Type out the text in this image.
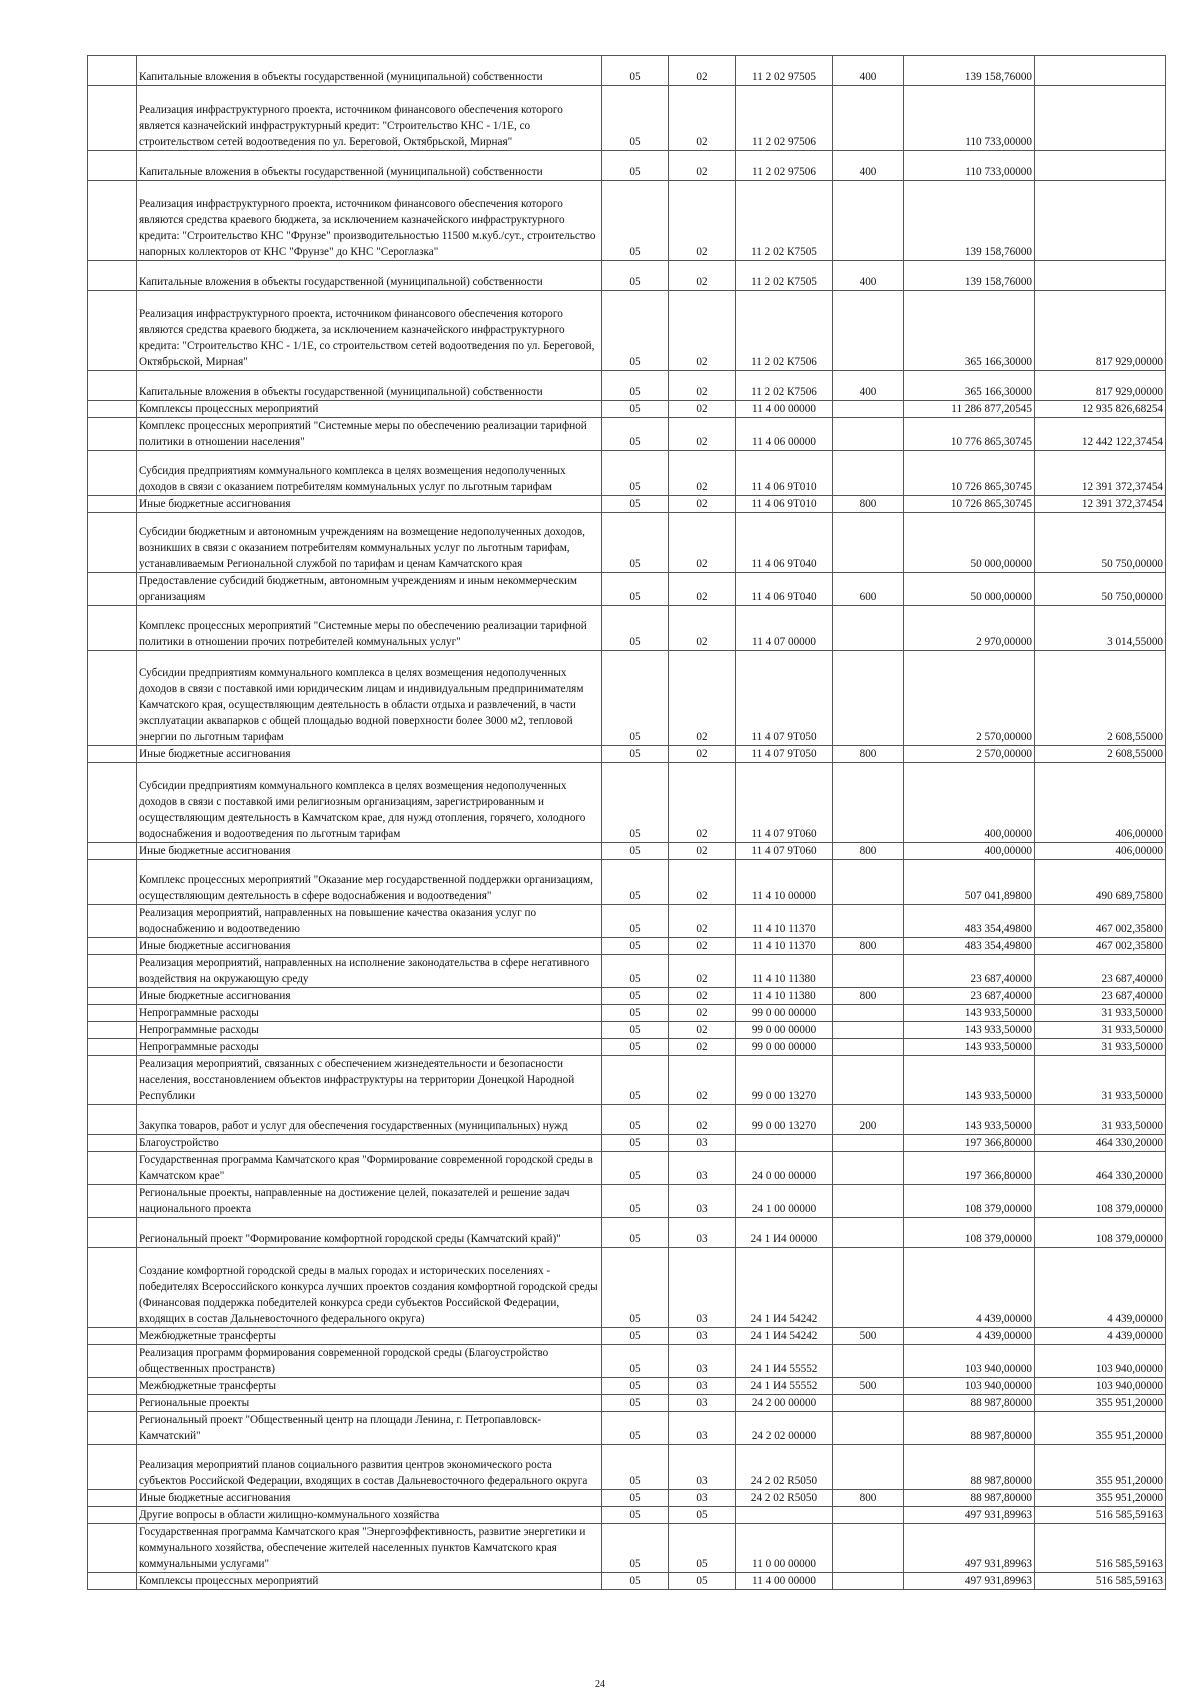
	Капитальные вложения в объекты государственной (муниципальной) собственности	05	02	11 2 02 97505	400	139 158,76000	
	Реализация инфраструктурного проекта, источником финансового обеспечения которого является казначейский инфраструктурный кредит: "Строительство КНС - 1/1Е, со строительством сетей водоотведения по ул. Береговой, Октябрьской, Мирная"	05	02	11 2 02 97506		110 733,00000	
	Капитальные вложения в объекты государственной (муниципальной) собственности	05	02	11 2 02 97506	400	110 733,00000	
	Реализация инфраструктурного проекта, источником финансового обеспечения которого являются средства краевого бюджета, за исключением казначейского инфраструктурного кредита: "Строительство КНС "Фрунзе" производительностью 11500 м.куб./сут., строительство напорных коллекторов от КНС "Фрунзе" до КНС "Сероглазка"	05	02	11 2 02 К7505		139 158,76000	
	Капитальные вложения в объекты государственной (муниципальной) собственности	05	02	11 2 02 К7505	400	139 158,76000	
	Реализация инфраструктурного проекта, источником финансового обеспечения которого являются средства краевого бюджета, за исключением казначейского инфраструктурного кредита: "Строительство КНС - 1/1Е, со строительством сетей водоотведения по ул. Береговой, Октябрьской, Мирная"	05	02	11 2 02 К7506		365 166,30000	817 929,00000
	Капитальные вложения в объекты государственной (муниципальной) собственности	05	02	11 2 02 К7506	400	365 166,30000	817 929,00000
	Комплексы процессных мероприятий	05	02	11 4 00 00000		11 286 877,20545	12 935 826,68254
	Комплекс процессных мероприятий "Системные меры по обеспечению реализации тарифной политики в отношении населения"	05	02	11 4 06 00000		10 776 865,30745	12 442 122,37454
	Субсидия предприятиям коммунального комплекса в целях возмещения недополученных доходов в связи с оказанием потребителям коммунальных услуг по льготным тарифам	05	02	11 4 06 9Т010		10 726 865,30745	12 391 372,37454
	Иные бюджетные ассигнования	05	02	11 4 06 9Т010	800	10 726 865,30745	12 391 372,37454
	Субсидии бюджетным и автономным учреждениям на возмещение недополученных доходов, возникших в связи с оказанием потребителям коммунальных услуг по льготным тарифам, устанавливаемым Региональной службой по тарифам и ценам Камчатского края	05	02	11 4 06 9Т040		50 000,00000	50 750,00000
	Предоставление субсидий бюджетным, автономным учреждениям и иным некоммерческим организациям	05	02	11 4 06 9Т040	600	50 000,00000	50 750,00000
	Комплекс процессных мероприятий "Системные меры по обеспечению реализации тарифной политики в отношении прочих потребителей коммунальных услуг"	05	02	11 4 07 00000		2 970,00000	3 014,55000
	Субсидии предприятиям коммунального комплекса в целях возмещения недополученных доходов в связи с поставкой ими юридическим лицам и индивидуальным предпринимателям Камчатского края, осуществляющим деятельность в области отдыха и развлечений, в части эксплуатации аквапарков с общей площадью водной поверхности более 3000 м2, тепловой энергии по льготным тарифам	05	02	11 4 07 9Т050		2 570,00000	2 608,55000
	Иные бюджетные ассигнования	05	02	11 4 07 9Т050	800	2 570,00000	2 608,55000
	Субсидии предприятиям коммунального комплекса в целях возмещения недополученных доходов в связи с поставкой ими религиозным организациям, зарегистрированным и осуществляющим деятельность в Камчатском крае, для нужд отопления, горячего, холодного водоснабжения и водоотведения по льготным тарифам	05	02	11 4 07 9Т060		400,00000	406,00000
	Иные бюджетные ассигнования	05	02	11 4 07 9Т060	800	400,00000	406,00000
	Комплекс процессных мероприятий "Оказание мер государственной поддержки организациям, осуществляющим деятельность в сфере водоснабжения и водоотведения"	05	02	11 4 10 00000		507 041,89800	490 689,75800
	Реализация мероприятий, направленных на повышение качества оказания услуг по водоснабжению и водоотведению	05	02	11 4 10 11370		483 354,49800	467 002,35800
	Иные бюджетные ассигнования	05	02	11 4 10 11370	800	483 354,49800	467 002,35800
	Реализация мероприятий, направленных на исполнение законодательства в сфере негативного воздействия на окружающую среду	05	02	11 4 10 11380		23 687,40000	23 687,40000
	Иные бюджетные ассигнования	05	02	11 4 10 11380	800	23 687,40000	23 687,40000
	Непрограммные расходы	05	02	99 0 00 00000		143 933,50000	31 933,50000
	Непрограммные расходы	05	02	99 0 00 00000		143 933,50000	31 933,50000
	Непрограммные расходы	05	02	99 0 00 00000		143 933,50000	31 933,50000
	Реализация мероприятий, связанных с обеспечением жизнедеятельности и безопасности населения, восстановлением объектов инфраструктуры на территории Донецкой Народной Республики	05	02	99 0 00 13270		143 933,50000	31 933,50000
	Закупка товаров, работ и услуг для обеспечения государственных (муниципальных) нужд	05	02	99 0 00 13270	200	143 933,50000	31 933,50000
	Благоустройство	05	03			197 366,80000	464 330,20000
	Государственная программа Камчатского края "Формирование современной городской среды в Камчатском крае"	05	03	24 0 00 00000		197 366,80000	464 330,20000
	Региональные проекты, направленные на достижение целей, показателей и решение задач национального проекта	05	03	24 1 00 00000		108 379,00000	108 379,00000
	Региональный проект "Формирование комфортной городской среды (Камчатский край)"	05	03	24 1 И4 00000		108 379,00000	108 379,00000
	Создание комфортной городской среды в малых городах и исторических поселениях - победителях Всероссийского конкурса лучших проектов создания комфортной городской среды (Финансовая поддержка победителей конкурса среди субъектов Российской Федерации, входящих в состав Дальневосточного федерального округа)	05	03	24 1 И4 54242		4 439,00000	4 439,00000
	Межбюджетные трансферты	05	03	24 1 И4 54242	500	4 439,00000	4 439,00000
	Реализация программ формирования современной городской среды (Благоустройство общественных пространств)	05	03	24 1 И4 55552		103 940,00000	103 940,00000
	Межбюджетные трансферты	05	03	24 1 И4 55552	500	103 940,00000	103 940,00000
	Региональные проекты	05	03	24 2 00 00000		88 987,80000	355 951,20000
	Региональный проект "Общественный центр на площади Ленина, г. Петропавловск-Камчатский"	05	03	24 2 02 00000		88 987,80000	355 951,20000
	Реализация мероприятий планов социального развития центров экономического роста субъектов Российской Федерации, входящих в состав Дальневосточного федерального округа	05	03	24 2 02 R5050		88 987,80000	355 951,20000
	Иные бюджетные ассигнования	05	03	24 2 02 R5050	800	88 987,80000	355 951,20000
	Другие вопросы в области жилищно-коммунального хозяйства	05	05			497 931,89963	516 585,59163
	Государственная программа Камчатского края "Энергоэффективность, развитие энергетики и коммунального хозяйства, обеспечение жителей населенных пунктов Камчатского края коммунальными услугами"	05	05	11 0 00 00000		497 931,89963	516 585,59163
	Комплексы процессных мероприятий	05	05	11 4 00 00000		497 931,89963	516 585,59163
24
